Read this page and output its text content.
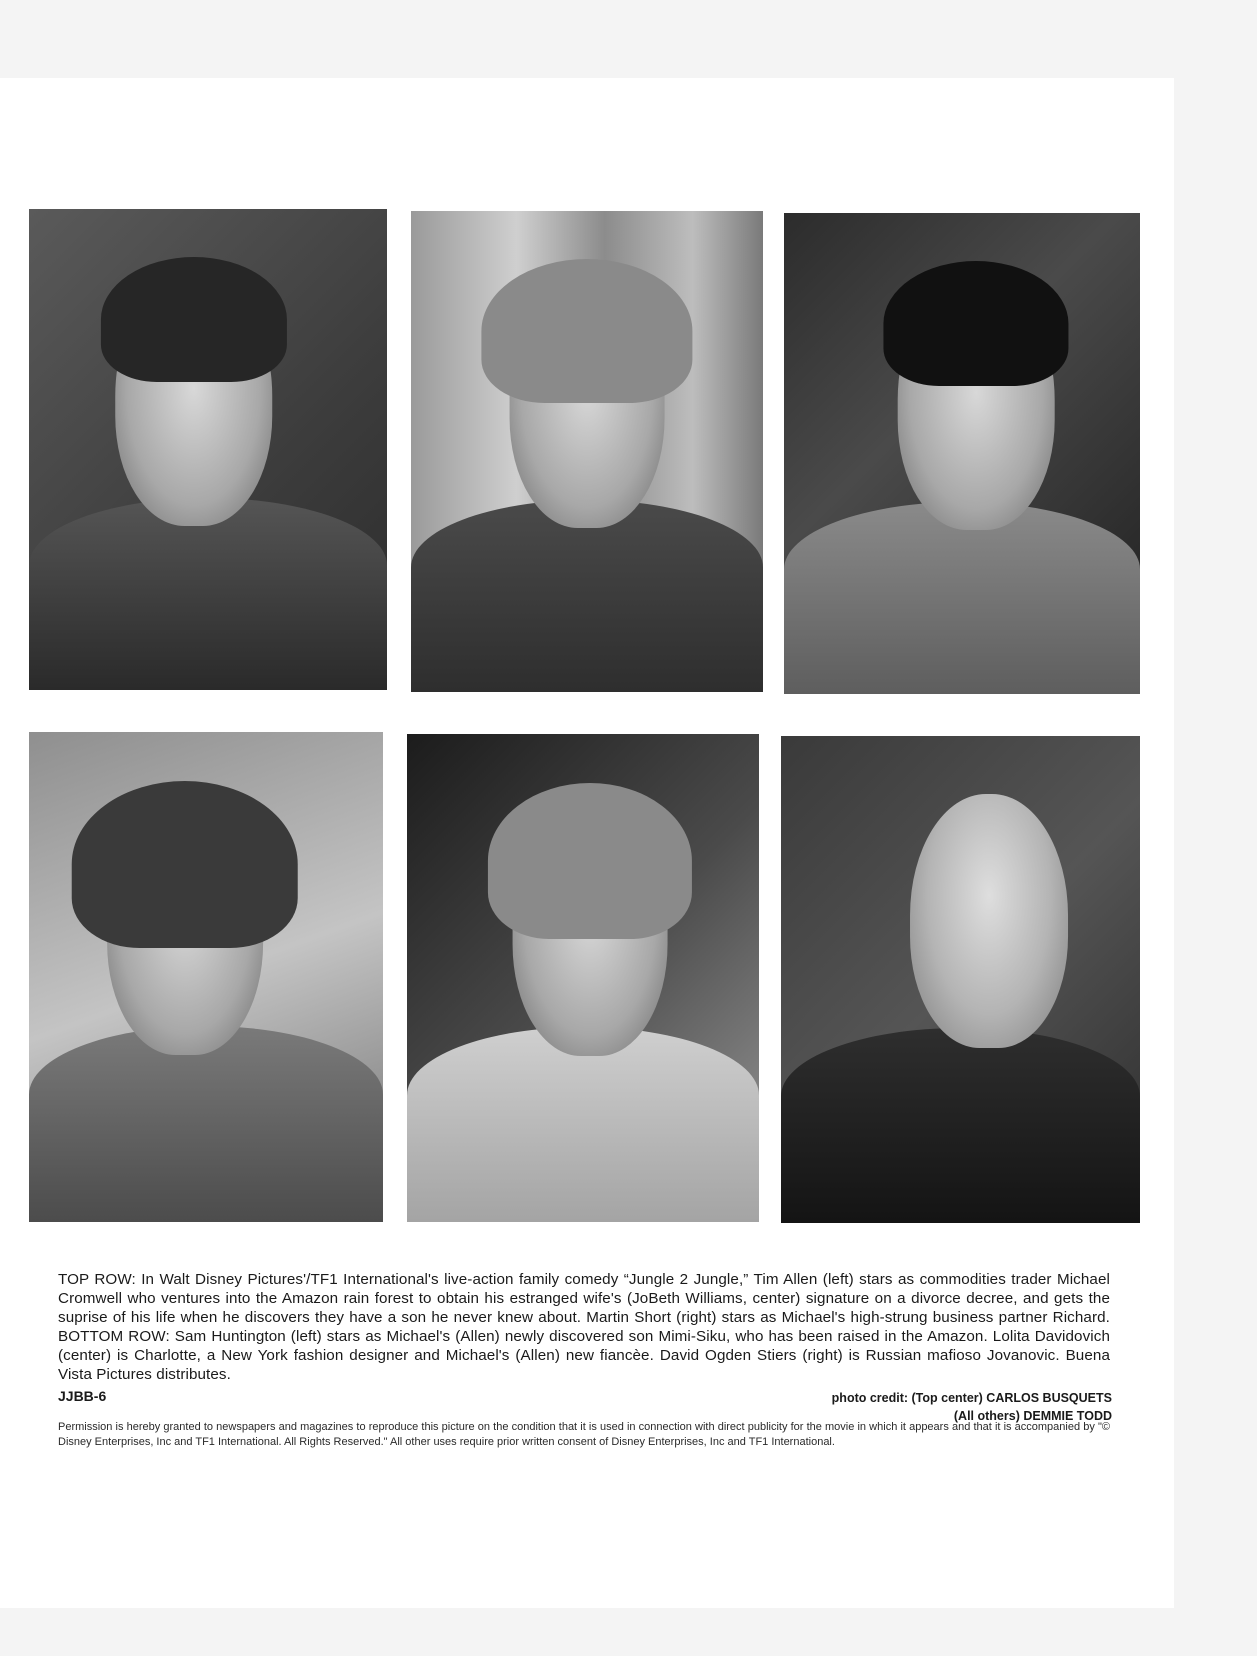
TOP ROW: In Walt Disney Pictures'/TF1 International's live-action family comedy “Jungle 2 Jungle,” Tim Allen (left) stars as commodities trader Michael Cromwell who ventures into the Amazon rain forest to obtain his estranged wife's (JoBeth Williams, center) signature on a divorce decree, and gets the suprise of his life when he discovers they have a son he never knew about. Martin Short (right) stars as Michael's high-strung business partner Richard. BOTTOM ROW: Sam Huntington (left) stars as Michael's (Allen) newly discovered son Mimi-Siku, who has been raised in the Amazon. Lolita Davidovich (center) is Charlotte, a New York fashion designer and Michael's (Allen) new fiancèe. David Ogden Stiers (right) is Russian mafioso Jovanovic. Buena Vista Pictures distributes.

JJBB-6	photo credit: (Top center) CARLOS BUSQUETS
(All others) DEMMIE TODD

Permission is hereby granted to newspapers and magazines to reproduce this picture on the condition that it is used in connection with direct publicity for the movie in which it appears and that it is accompanied by "© Disney Enterprises, Inc and TF1 International. All Rights Reserved." All other uses require prior written consent of Disney Enterprises, Inc and TF1 International.
